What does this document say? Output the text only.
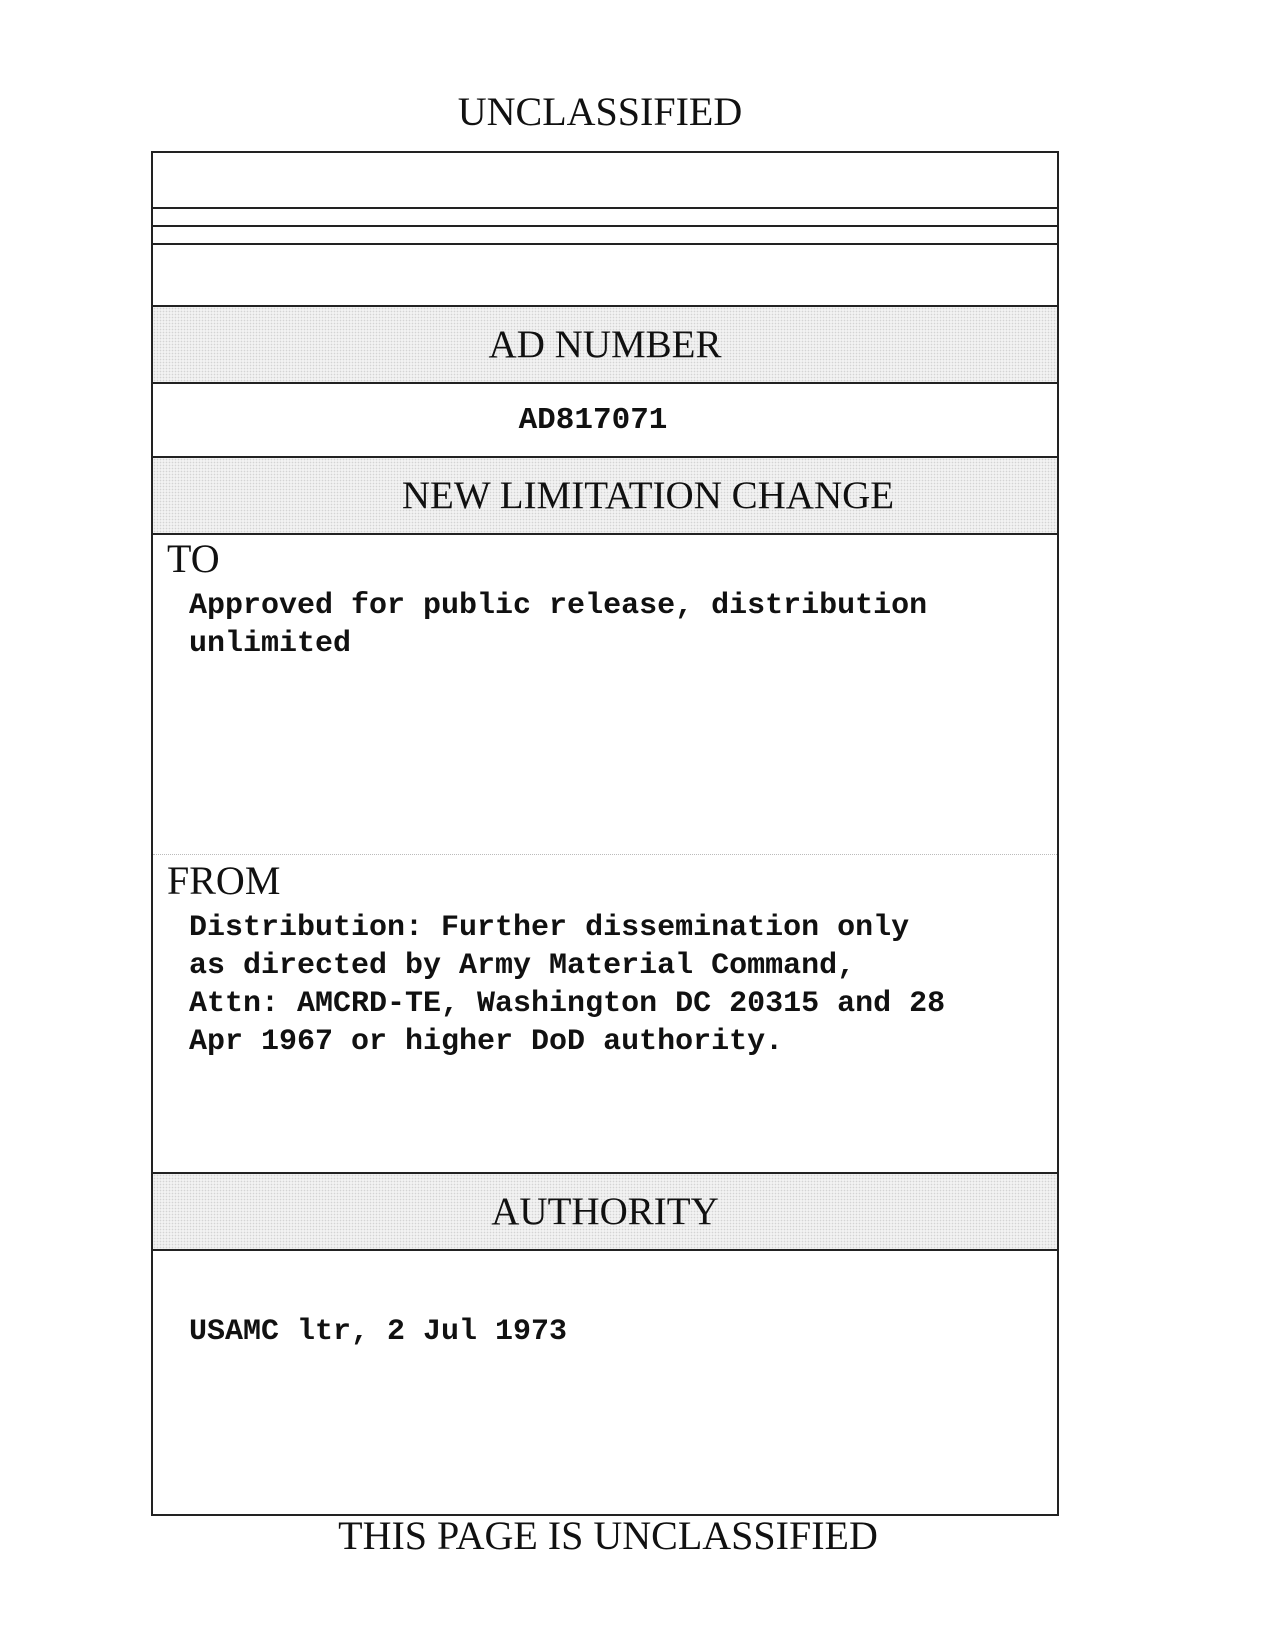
UNCLASSIFIED
AD NUMBER
AD817071
NEW LIMITATION CHANGE
TO
Approved for public release, distribution
unlimited
FROM
Distribution: Further dissemination only
as directed by Army Material Command,
Attn: AMCRD-TE, Washington DC 20315 and 28
Apr 1967 or higher DoD authority.
AUTHORITY
USAMC ltr, 2 Jul 1973
THIS PAGE IS UNCLASSIFIED
